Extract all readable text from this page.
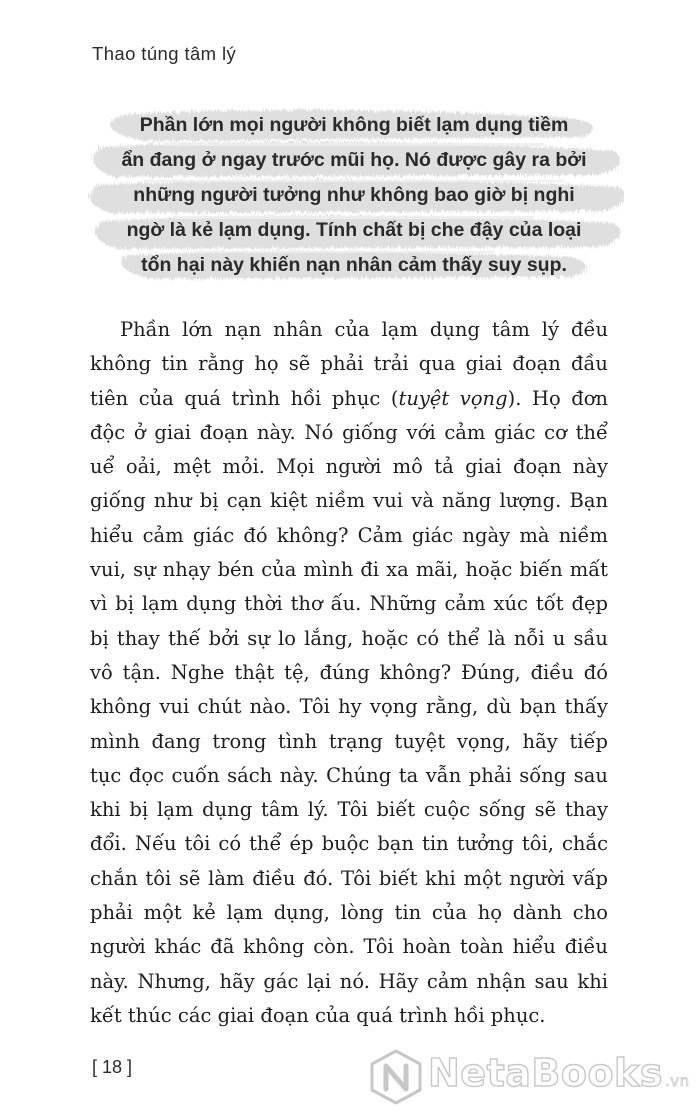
Thao túng tâm lý

Phần lớn mọi người không biết lạm dụng tiềm
ẩn đang ở ngay trước mũi họ. Nó được gây ra bởi
những người tưởng như không bao giờ bị nghi
ngờ là kẻ lạm dụng. Tính chất bị che đậy của loại
tổn hại này khiến nạn nhân cảm thấy suy sụp.

Phần lớn nạn nhân của lạm dụng tâm lý đều
không tin rằng họ sẽ phải trải qua giai đoạn đầu
tiên của quá trình hồi phục (tuyệt vọng). Họ đơn
độc ở giai đoạn này. Nó giống với cảm giác cơ thể
uể oải, mệt mỏi. Mọi người mô tả giai đoạn này
giống như bị cạn kiệt niềm vui và năng lượng. Bạn
hiểu cảm giác đó không? Cảm giác ngày mà niềm
vui, sự nhạy bén của mình đi xa mãi, hoặc biến mất
vì bị lạm dụng thời thơ ấu. Những cảm xúc tốt đẹp
bị thay thế bởi sự lo lắng, hoặc có thể là nỗi u sầu
vô tận. Nghe thật tệ, đúng không? Đúng, điều đó
không vui chút nào. Tôi hy vọng rằng, dù bạn thấy
mình đang trong tình trạng tuyệt vọng, hãy tiếp
tục đọc cuốn sách này. Chúng ta vẫn phải sống sau
khi bị lạm dụng tâm lý. Tôi biết cuộc sống sẽ thay
đổi. Nếu tôi có thể ép buộc bạn tin tưởng tôi, chắc
chắn tôi sẽ làm điều đó. Tôi biết khi một người vấp
phải một kẻ lạm dụng, lòng tin của họ dành cho
người khác đã không còn. Tôi hoàn toàn hiểu điều
này. Nhưng, hãy gác lại nó. Hãy cảm nhận sau khi
kết thúc các giai đoạn của quá trình hồi phục.
[ 18 ]	NetaBooks .vn
